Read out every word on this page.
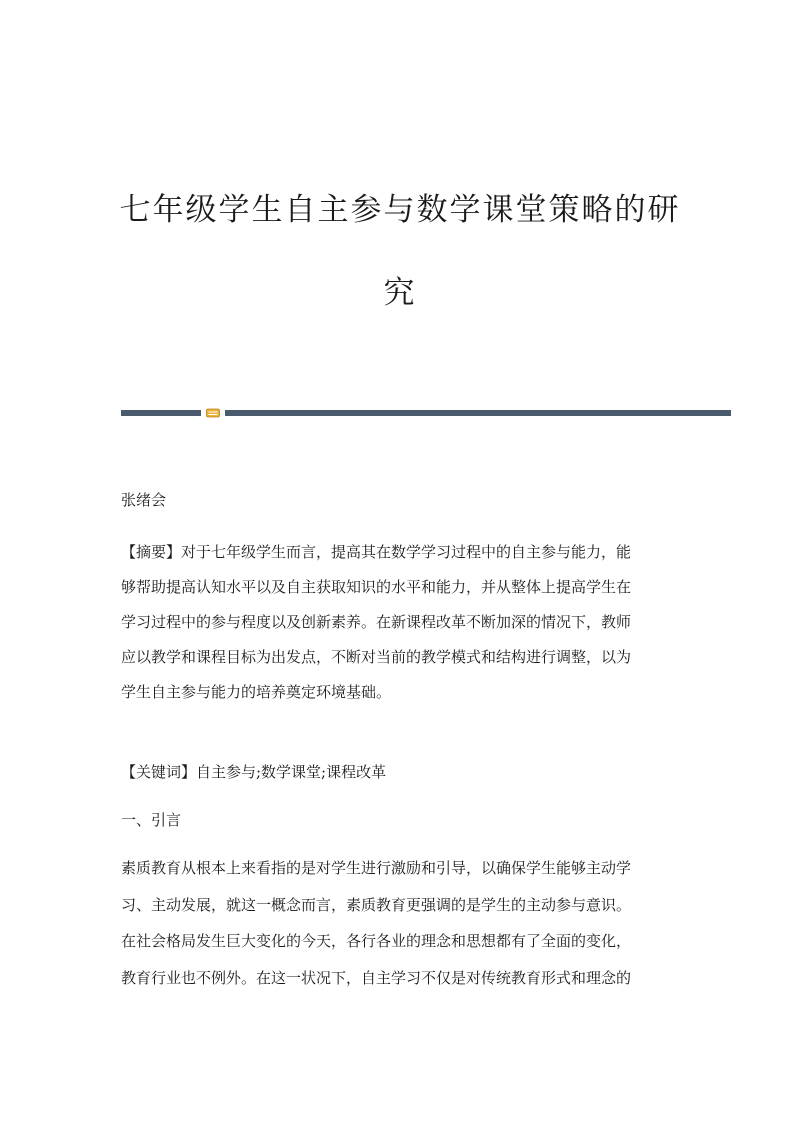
七年级学生自主参与数学课堂策略的研
究

张绪会

【摘要】对于七年级学生而言，提高其在数学学习过程中的自主参与能力，能

够帮助提高认知水平以及自主获取知识的水平和能力，并从整体上提高学生在

学习过程中的参与程度以及创新素养。在新课程改革不断加深的情况下，教师

应以教学和课程目标为出发点，不断对当前的教学模式和结构进行调整，以为

学生自主参与能力的培养奠定环境基础。

【关键词】自主参与;数学课堂;课程改革

一、引言

素质教育从根本上来看指的是对学生进行激励和引导，以确保学生能够主动学

习、主动发展，就这一概念而言，素质教育更强调的是学生的主动参与意识。

在社会格局发生巨大变化的今天，各行各业的理念和思想都有了全面的变化，

教育行业也不例外。在这一状况下，自主学习不仅是对传统教育形式和理念的
